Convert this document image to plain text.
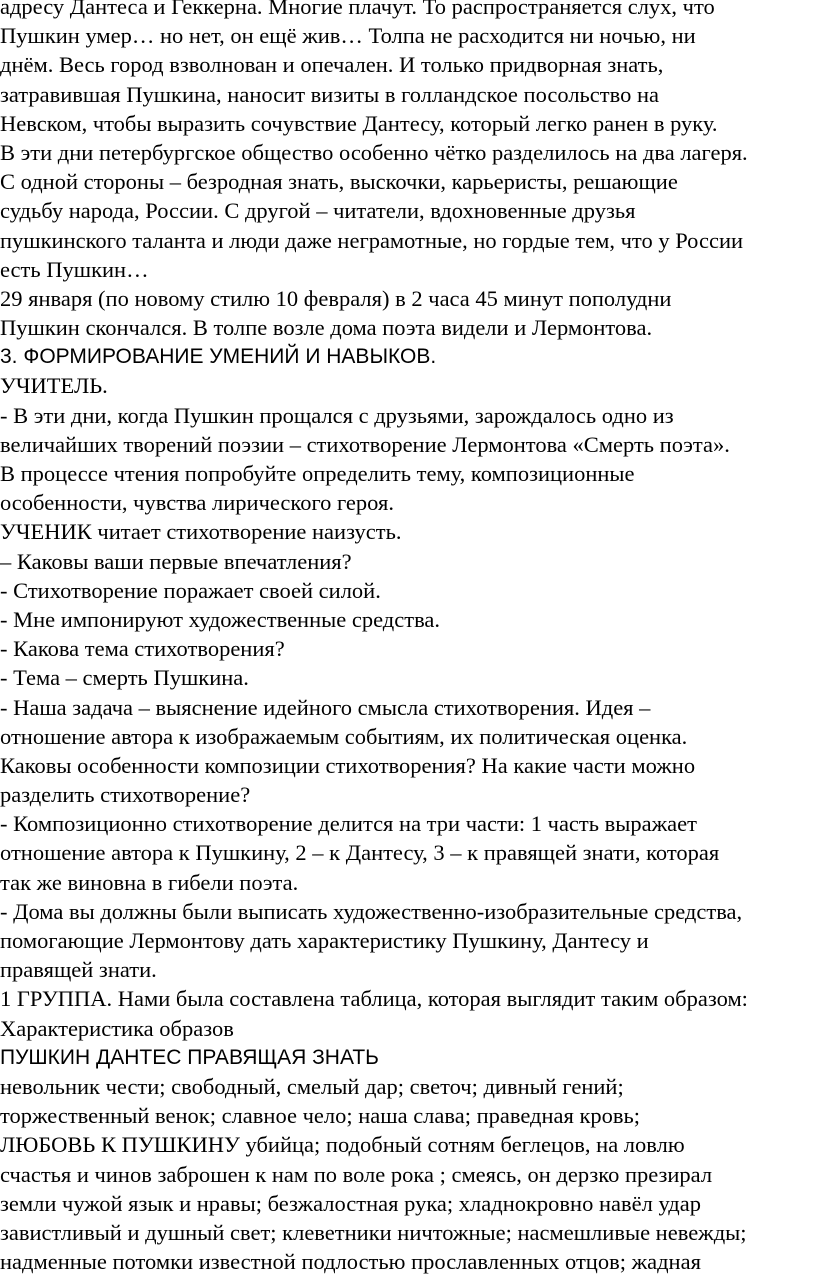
адресу Дантеса и Геккерна. Многие плачут. То распространяется слух, что
Пушкин умер… но нет, он ещё жив… Толпа не расходится ни ночью, ни
днём. Весь город взволнован и опечален. И только придворная знать,
затравившая Пушкина, наносит визиты в голландское посольство на
Невском, чтобы выразить сочувствие Дантесу, который легко ранен в руку.
В эти дни петербургское общество особенно чётко разделилось на два лагеря.
С одной стороны – безродная знать, выскочки, карьеристы, решающие
судьбу народа, России. С другой – читатели, вдохновенные друзья
пушкинского таланта и люди даже неграмотные, но гордые тем, что у России
есть Пушкин…
29 января (по новому стилю 10 февраля) в 2 часа 45 минут пополудни
Пушкин скончался. В толпе возле дома поэта видели и Лермонтова.
3. ФОРМИРОВАНИЕ УМЕНИЙ И НАВЫКОВ.
УЧИТЕЛЬ.
- В эти дни, когда Пушкин прощался с друзьями, зарождалось одно из
величайших творений поэзии – стихотворение Лермонтова «Смерть поэта».
В процессе чтения попробуйте определить тему, композиционные
особенности, чувства лирического героя.
УЧЕНИК читает стихотворение наизусть.
– Каковы ваши первые впечатления?
- Стихотворение поражает своей силой.
- Мне импонируют художественные средства.
- Какова тема стихотворения?
- Тема – смерть Пушкина.
- Наша задача – выяснение идейного смысла стихотворения. Идея –
отношение автора к изображаемым событиям, их политическая оценка.
Каковы особенности композиции стихотворения? На какие части можно
разделить стихотворение?
- Композиционно стихотворение делится на три части: 1 часть выражает
отношение автора к Пушкину, 2 – к Дантесу, 3 – к правящей знати, которая
так же виновна в гибели поэта.
- Дома вы должны были выписать художественно-изобразительные средства,
помогающие Лермонтову дать характеристику Пушкину, Дантесу и
правящей знати.
1 ГРУППА. Нами была составлена таблица, которая выглядит таким образом:
Характеристика образов
ПУШКИН ДАНТЕС ПРАВЯЩАЯ ЗНАТЬ
невольник чести; свободный, смелый дар; светоч; дивный гений;
торжественный венок; славное чело; наша слава; праведная кровь;
ЛЮБОВЬ К ПУШКИНУ убийца; подобный сотням беглецов, на ловлю
счастья и чинов заброшен к нам по воле рока ; смеясь, он дерзко презирал
земли чужой язык и нравы; безжалостная рука; хладнокровно навёл удар
завистливый и душный свет; клеветники ничтожные; насмешливые невежды;
надменные потомки известной подлостью прославленных отцов; жадная
